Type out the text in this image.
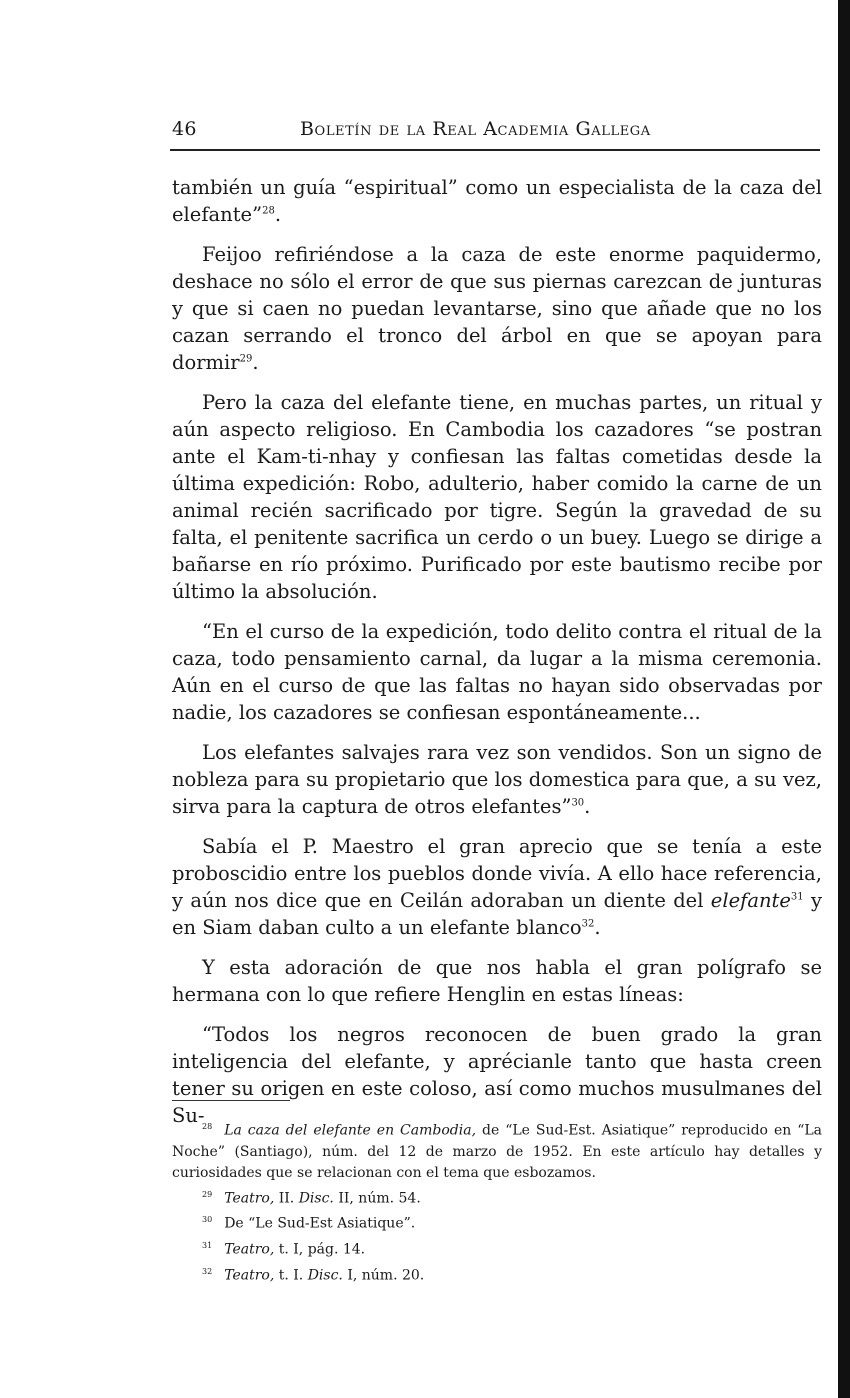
46	Boletín de la Real Academia Gallega

también un guía “espiritual” como un especialista de la caza del elefante”$^{28}$.

Feijoo refiriéndose a la caza de este enorme paquidermo, deshace no sólo el error de que sus piernas carezcan de junturas y que si caen no puedan levantarse, sino que añade que no los cazan serrando el tronco del árbol en que se apoyan para dormir$^{29}$.

Pero la caza del elefante tiene, en muchas partes, un ritual y aún aspecto religioso. En Cambodia los cazadores “se postran ante el Kam-ti-nhay y confiesan las faltas cometidas desde la última expedición: Robo, adulterio, haber comido la carne de un animal recién sacrificado por tigre. Según la gravedad de su falta, el penitente sacrifica un cerdo o un buey. Luego se dirige a bañarse en río próximo. Purificado por este bautismo recibe por último la absolución.

“En el curso de la expedición, todo delito contra el ritual de la caza, todo pensamiento carnal, da lugar a la misma ceremonia. Aún en el curso de que las faltas no hayan sido observadas por nadie, los cazadores se confiesan espontáneamente...

Los elefantes salvajes rara vez son vendidos. Son un signo de nobleza para su propietario que los domestica para que, a su vez, sirva para la captura de otros elefantes”$^{30}$.

Sabía el P. Maestro el gran aprecio que se tenía a este proboscidio entre los pueblos donde vivía. A ello hace referencia, y aún nos dice que en Ceilán adoraban un diente del elefante$^{31}$ y en Siam daban culto a un elefante blanco$^{32}$.

Y esta adoración de que nos habla el gran polígrafo se hermana con lo que refiere Henglin en estas líneas:

“Todos los negros reconocen de buen grado la gran inteligencia del elefante, y aprécianle tanto que hasta creen tener su origen en este coloso, así como muchos musulmanes del Su-

$^{28}$ La caza del elefante en Cambodia, de “Le Sud-Est. Asiatique” reproducido en “La Noche” (Santiago), núm. del 12 de marzo de 1952. En este artículo hay detalles y curiosidades que se relacionan con el tema que esbozamos.

$^{29}$ Teatro, II. Disc. II, núm. 54.

$^{30}$ De “Le Sud-Est Asiatique”.

$^{31}$ Teatro, t. I, pág. 14.

$^{32}$ Teatro, t. I. Disc. I, núm. 20.
